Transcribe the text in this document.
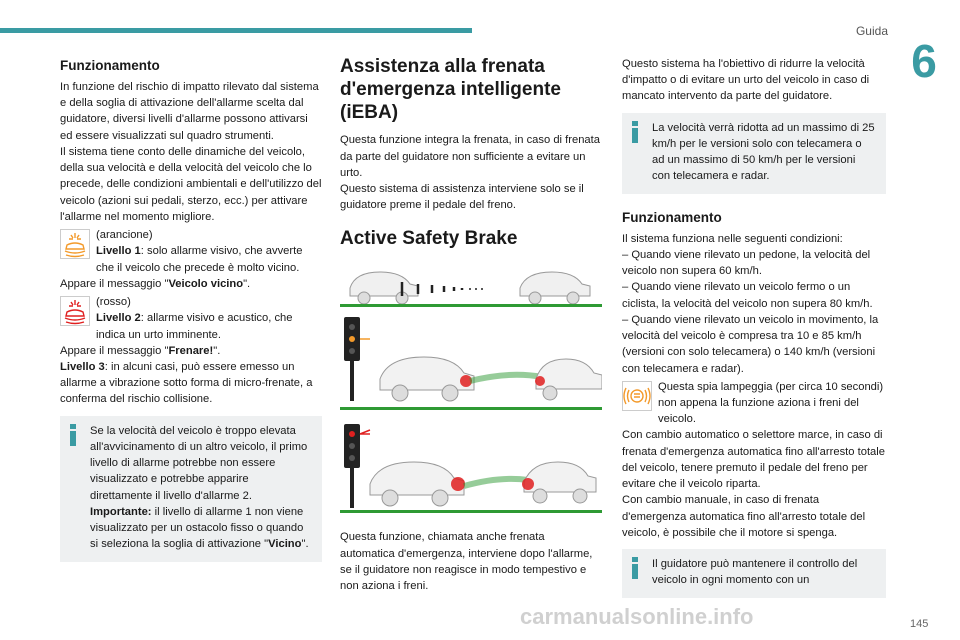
Guida
6
Funzionamento

In funzione del rischio di impatto rilevato dal sistema e della soglia di attivazione dell'allarme scelta dal guidatore, diversi livelli d'allarme possono attivarsi ed essere visualizzati sul quadro strumenti.

Il sistema tiene conto delle dinamiche del veicolo, della sua velocità e della velocità del veicolo che lo precede, delle condizioni ambientali e dell'utilizzo del veicolo (azioni sui pedali, sterzo, ecc.) per attivare l'allarme nel momento migliore.

(arancione)
Livello 1: solo allarme visivo, che avverte che il veicolo che precede è molto vicino.
Appare il messaggio "Veicolo vicino".
(rosso)
Livello 2: allarme visivo e acustico, che indica un urto imminente.
Appare il messaggio "Frenare!".
Livello 3: in alcuni casi, può essere emesso un allarme a vibrazione sotto forma di micro-frenate, a conferma del rischio collisione.
Se la velocità del veicolo è troppo elevata all'avvicinamento di un altro veicolo, il primo livello di allarme potrebbe non essere visualizzato e potrebbe apparire direttamente il livello d'allarme 2.
Importante: il livello di allarme 1 non viene visualizzato per un ostacolo fisso o quando si seleziona la soglia di attivazione "Vicino".
Assistenza alla frenata d'emergenza intelligente (iEBA)

Questa funzione integra la frenata, in caso di frenata da parte del guidatore non sufficiente a evitare un urto.

Questo sistema di assistenza interviene solo se il guidatore preme il pedale del freno.

Active Safety Brake

Questa funzione, chiamata anche frenata automatica d'emergenza, interviene dopo l'allarme, se il guidatore non reagisce in modo tempestivo e non aziona i freni.

Questo sistema ha l'obiettivo di ridurre la velocità d'impatto o di evitare un urto del veicolo in caso di mancato intervento da parte del guidatore.

La velocità verrà ridotta ad un massimo di 25 km/h per le versioni solo con telecamera o ad un massimo di 50 km/h per le versioni con telecamera e radar.
Funzionamento

Il sistema funziona nelle seguenti condizioni:

– Quando viene rilevato un pedone, la velocità del veicolo non supera 60 km/h.

– Quando viene rilevato un veicolo fermo o un ciclista, la velocità del veicolo non supera 80 km/h.

– Quando viene rilevato un veicolo in movimento, la velocità del veicolo è compresa tra 10 e 85 km/h (versioni con solo telecamera) o 140 km/h (versioni con telecamera e radar).

Questa spia lampeggia (per circa 10 secondi) non appena la funzione aziona i freni del veicolo.

Con cambio automatico o selettore marce, in caso di frenata d'emergenza automatica fino all'arresto totale del veicolo, tenere premuto il pedale del freno per evitare che il veicolo riparta.

Con cambio manuale, in caso di frenata d'emergenza automatica fino all'arresto totale del veicolo, è possibile che il motore si spenga.

Il guidatore può mantenere il controllo del veicolo in ogni momento con un
carmanualsonline.info	145
